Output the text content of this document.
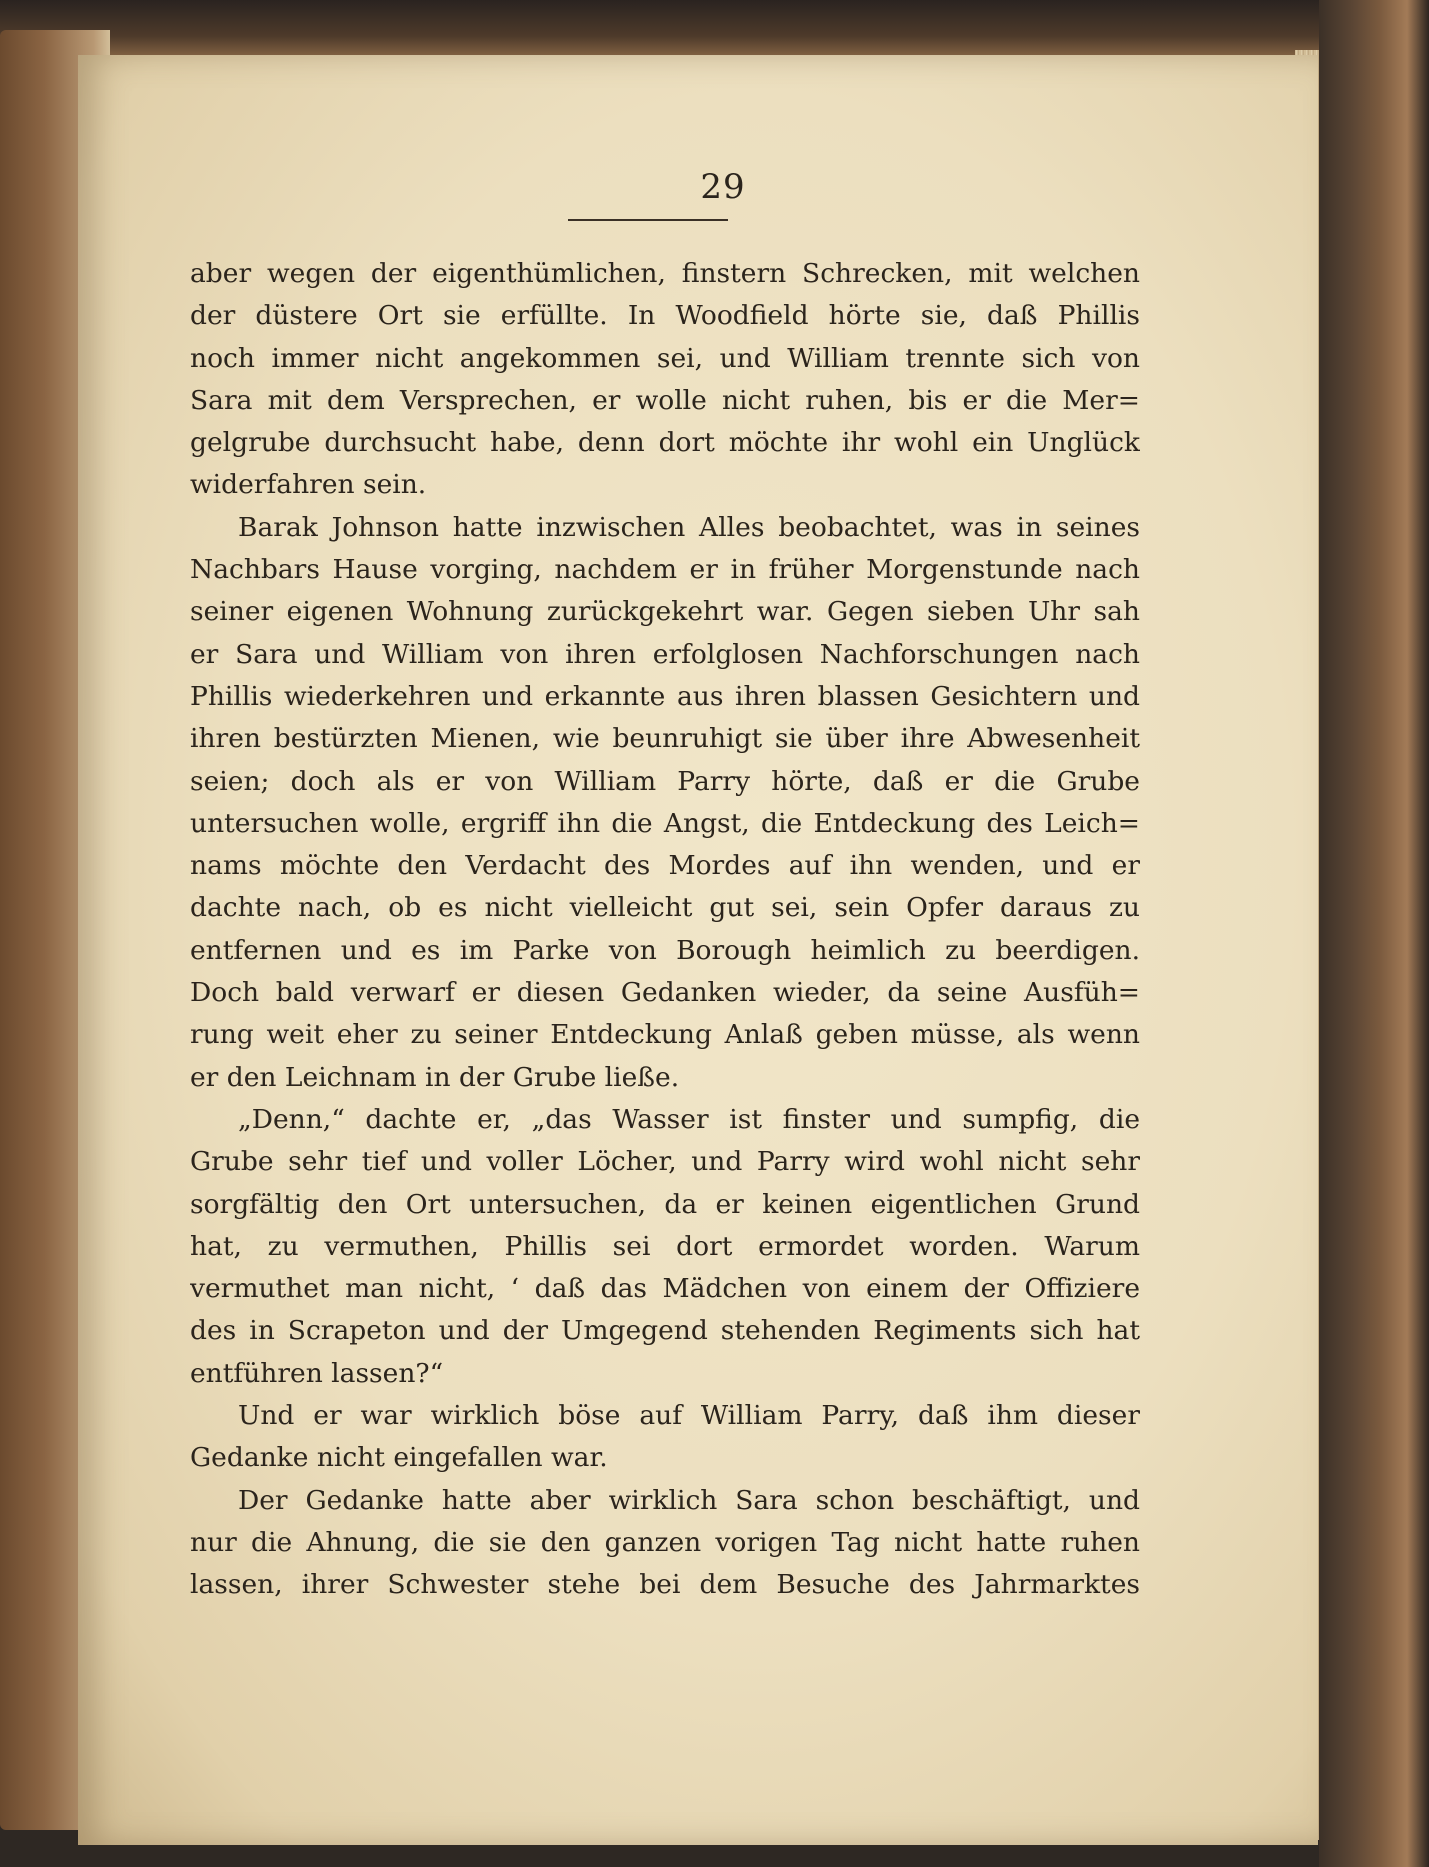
29
aber wegen der eigenthümlichen, finstern Schrecken, mit welchen
der düstere Ort sie erfüllte. In Woodfield hörte sie, daß Phillis
noch immer nicht angekommen sei, und William trennte sich von
Sara mit dem Versprechen, er wolle nicht ruhen, bis er die Mer=
gelgrube durchsucht habe, denn dort möchte ihr wohl ein Unglück
widerfahren sein.
Barak Johnson hatte inzwischen Alles beobachtet, was in seines
Nachbars Hause vorging, nachdem er in früher Morgenstunde nach
seiner eigenen Wohnung zurückgekehrt war. Gegen sieben Uhr sah
er Sara und William von ihren erfolglosen Nachforschungen nach
Phillis wiederkehren und erkannte aus ihren blassen Gesichtern und
ihren bestürzten Mienen, wie beunruhigt sie über ihre Abwesenheit
seien; doch als er von William Parry hörte, daß er die Grube
untersuchen wolle, ergriff ihn die Angst, die Entdeckung des Leich=
nams möchte den Verdacht des Mordes auf ihn wenden, und er
dachte nach, ob es nicht vielleicht gut sei, sein Opfer daraus zu
entfernen und es im Parke von Borough heimlich zu beerdigen.
Doch bald verwarf er diesen Gedanken wieder, da seine Ausfüh=
rung weit eher zu seiner Entdeckung Anlaß geben müsse, als wenn
er den Leichnam in der Grube ließe.
„Denn,“ dachte er, „das Wasser ist finster und sumpfig, die
Grube sehr tief und voller Löcher, und Parry wird wohl nicht sehr
sorgfältig den Ort untersuchen, da er keinen eigentlichen Grund
hat, zu vermuthen, Phillis sei dort ermordet worden. Warum
vermuthet man nicht, ‘ daß das Mädchen von einem der Offiziere
des in Scrapeton und der Umgegend stehenden Regiments sich hat
entführen lassen?“
Und er war wirklich böse auf William Parry, daß ihm dieser
Gedanke nicht eingefallen war.
Der Gedanke hatte aber wirklich Sara schon beschäftigt, und
nur die Ahnung, die sie den ganzen vorigen Tag nicht hatte ruhen
lassen, ihrer Schwester stehe bei dem Besuche des Jahrmarktes
